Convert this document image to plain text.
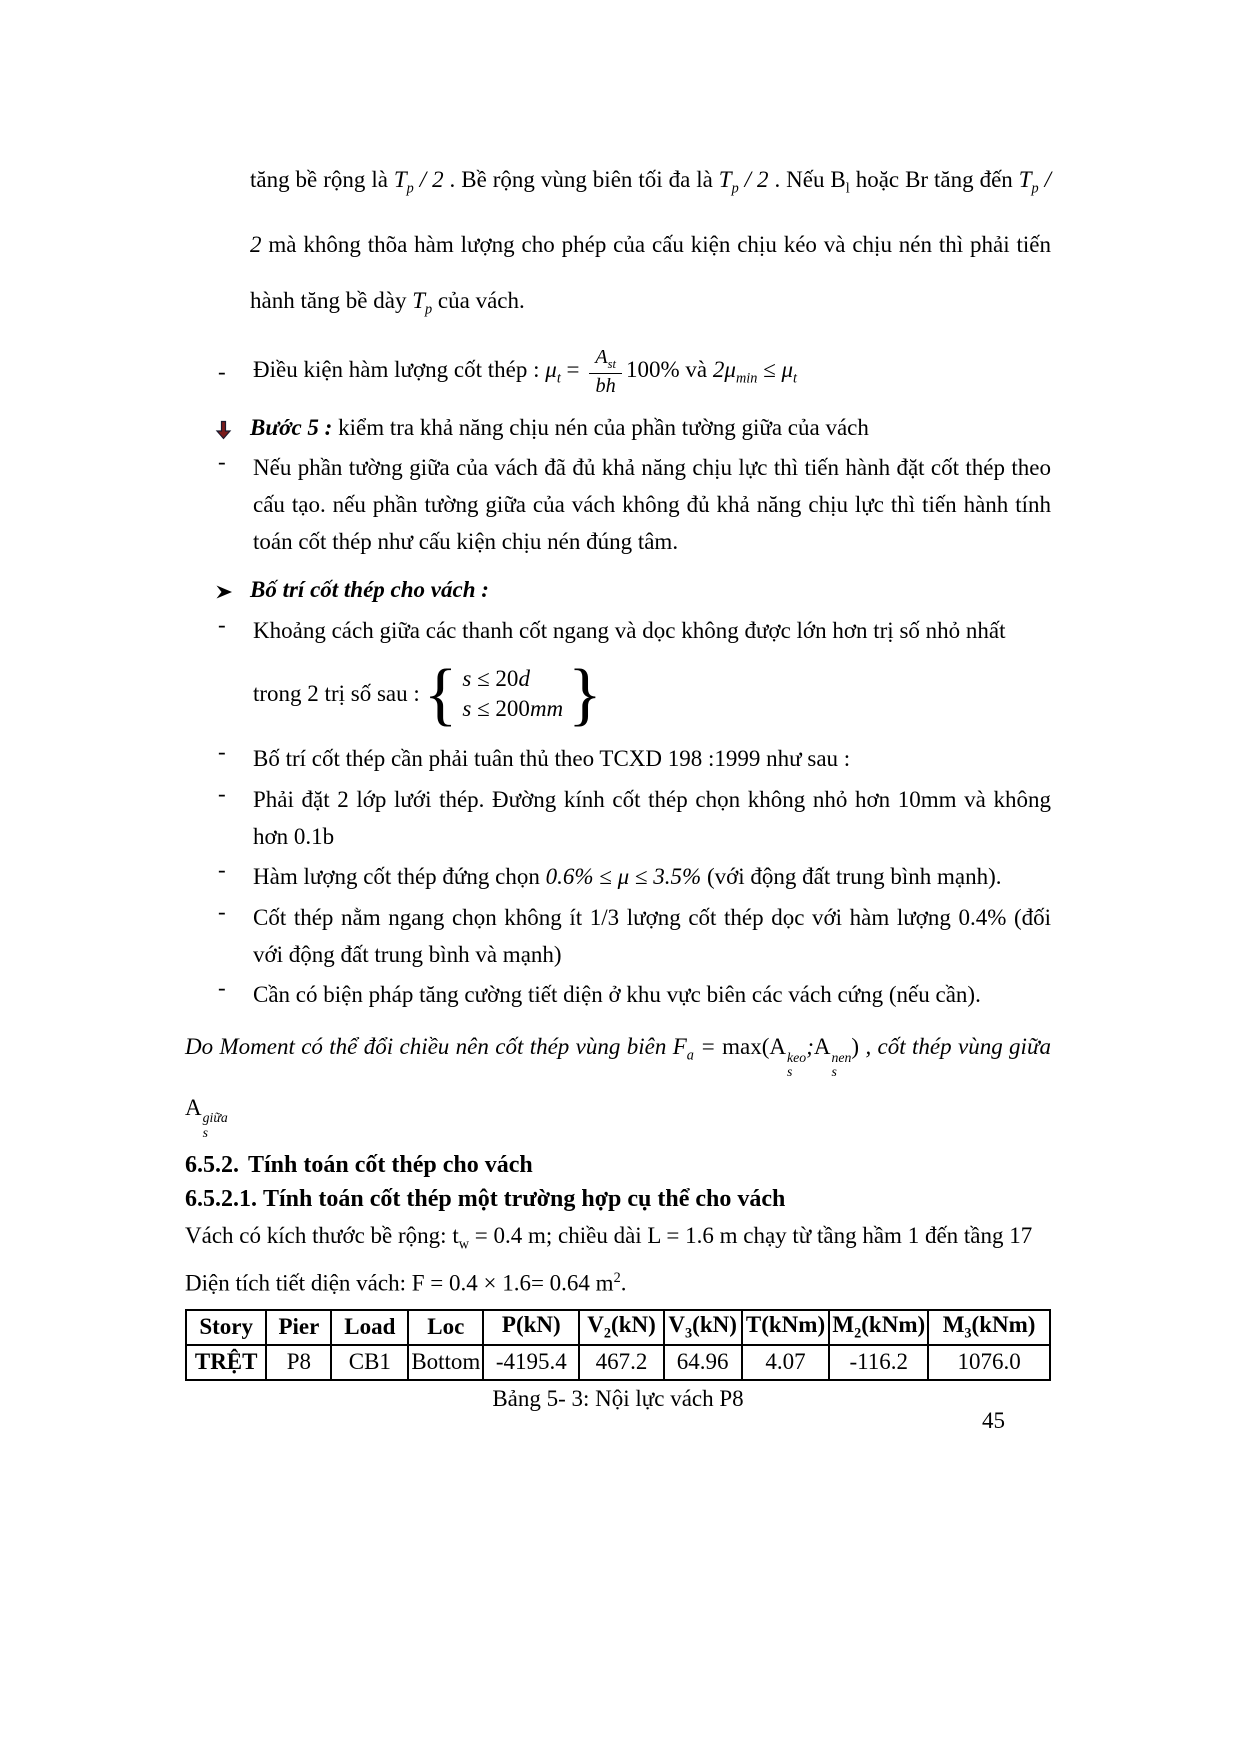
tăng bề rộng là $T_p / 2$ . Bề rộng vùng biên tối đa là $T_p / 2$ . Nếu $B_l$ hoặc Br tăng đến $T_p / 2$ mà không thõa hàm lượng cho phép của cấu kiện chịu kéo và chịu nén thì phải tiến hành tăng bề dày $T_p$ của vách.
-	Điều kiện hàm lượng cốt thép : $\mu_t = \frac{A_{st}}{bh} 100\%$ và $2\mu_{min} \le \mu_t$
Bước 5 : kiểm tra khả năng chịu nén của phần tường giữa của vách
-	Nếu phần tường giữa của vách đã đủ khả năng chịu lực thì tiến hành đặt cốt thép theo cấu tạo. nếu phần tường giữa của vách không đủ khả năng chịu lực thì tiến hành tính toán cốt thép như cấu kiện chịu nén đúng tâm.
Bố trí cốt thép cho vách :
-	Khoảng cách giữa các thanh cốt ngang và dọc không được lớn hơn trị số nhỏ nhất
trong 2 trị số sau : { s ≤ 20d
s ≤ 200mm }
-	Bố trí cốt thép cần phải tuân thủ theo TCXD 198 :1999 như sau :
-	Phải đặt 2 lớp lưới thép. Đường kính cốt thép chọn không nhỏ hơn 10mm và không hơn 0.1b
-	Hàm lượng cốt thép đứng chọn 0.6% ≤ μ ≤ 3.5% (với động đất trung bình mạnh).
-	Cốt thép nằm ngang chọn không ít 1/3 lượng cốt thép dọc với hàm lượng 0.4% (đối với động đất trung bình và mạnh)
-	Cần có biện pháp tăng cường tiết diện ở khu vực biên các vách cứng (nếu cần).
Do Moment có thể đổi chiều nên cốt thép vùng biên $F_a = \max(A$ keo
s
;A nen
s
) , cốt thép vùng giữa A giữa
s
6.5.2. Tính toán cốt thép cho vách
6.5.2.1. Tính toán cốt thép một trường hợp cụ thể cho vách
Vách có kích thước bề rộng: $t_w = 0.4$ m; chiều dài L = 1.6 m chạy từ tầng hầm 1 đến tầng 17
Diện tích tiết diện vách: F = 0.4 × 1.6= 0.64 $m^2$.
Story	Pier	Load	Loc	P(kN)	$V_2(kN)$	$V_3(kN)$	T(kNm)	$M_2(kNm)$	$M_3(kNm)$
TRỆT	P8	CB1	Bottom	-4195.4	467.2	64.96	4.07	-116.2	1076.0
Bảng 5- 3: Nội lực vách P8
45
